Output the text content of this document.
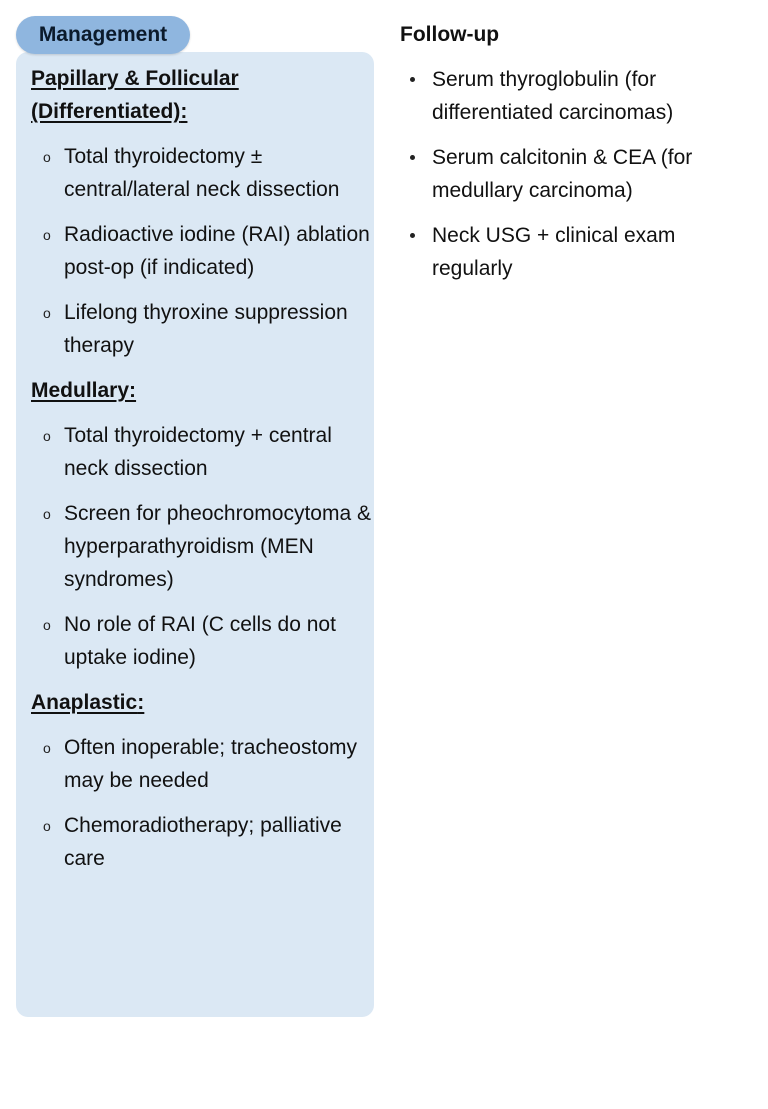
Management

Papillary & Follicular (Differentiated):

o Total thyroidectomy ± central/lateral neck dissection
o Radioactive iodine (RAI) ablation post-op (if indicated)
o Lifelong thyroxine suppression therapy

Medullary:

o Total thyroidectomy + central neck dissection
o Screen for pheochromocytoma & hyperparathyroidism (MEN syndromes)
o No role of RAI (C cells do not uptake iodine)

Anaplastic:

o Often inoperable; tracheostomy may be needed
o Chemoradiotherapy; palliative care

Follow-up

Serum thyroglobulin (for differentiated carcinomas)
Serum calcitonin & CEA (for medullary carcinoma)
Neck USG + clinical exam regularly
